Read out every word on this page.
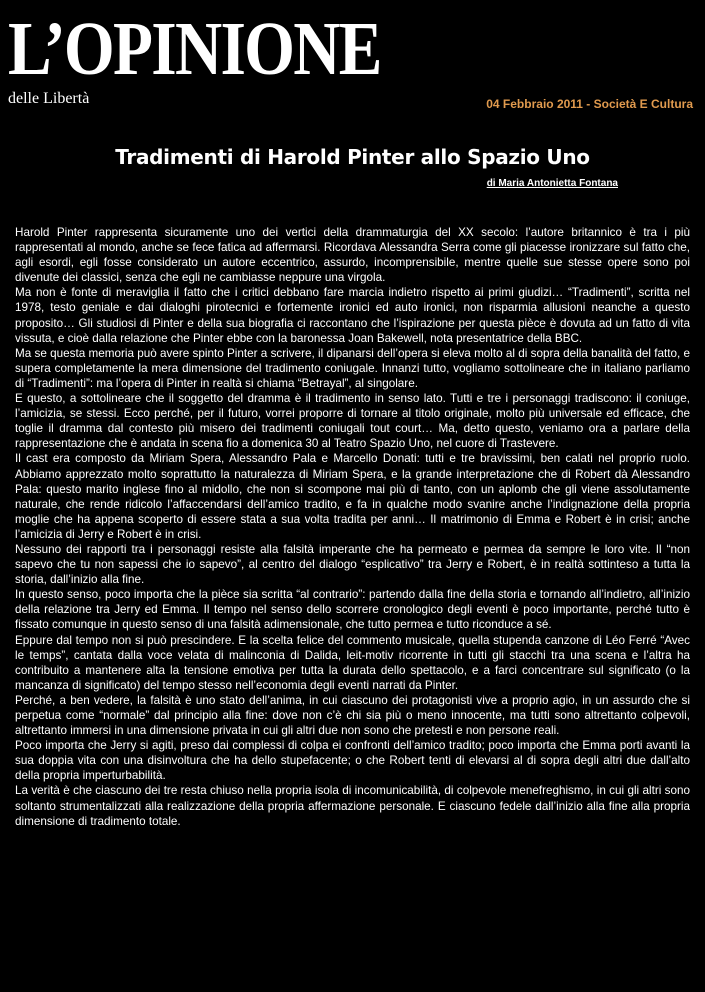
L’OPINIONE
delle Libertà	04 Febbraio 2011 - Società E Cultura
Tradimenti di Harold Pinter allo Spazio Uno
di Maria Antonietta Fontana

Harold Pinter rappresenta sicuramente uno dei vertici della drammaturgia del XX secolo: l’autore britannico è tra i più rappresentati al mondo, anche se fece fatica ad affermarsi. Ricordava Alessandra Serra come gli piacesse ironizzare sul fatto che, agli esordi, egli fosse considerato un autore eccentrico, assurdo, incomprensibile, mentre quelle sue stesse opere sono poi divenute dei classici, senza che egli ne cambiasse neppure una virgola.

Ma non è fonte di meraviglia il fatto che i critici debbano fare marcia indietro rispetto ai primi giudizi… “Tradimenti”, scritta nel 1978, testo geniale e dai dialoghi pirotecnici e fortemente ironici ed auto ironici, non risparmia allusioni neanche a questo proposito… Gli studiosi di Pinter e della sua biografia ci raccontano che l’ispirazione per questa pièce è dovuta ad un fatto di vita vissuta, e cioè dalla relazione che Pinter ebbe con la baronessa Joan Bakewell, nota presentatrice della BBC.

Ma se questa memoria può avere spinto Pinter a scrivere, il dipanarsi dell’opera si eleva molto al di sopra della banalità del fatto, e supera completamente la mera dimensione del tradimento coniugale. Innanzi tutto, vogliamo sottolineare che in italiano parliamo di “Tradimenti”: ma l’opera di Pinter in realtà si chiama “Betrayal”, al singolare.

E questo, a sottolineare che il soggetto del dramma è il tradimento in senso lato. Tutti e tre i personaggi tradiscono: il coniuge, l’amicizia, se stessi. Ecco perché, per il futuro, vorrei proporre di tornare al titolo originale, molto più universale ed efficace, che toglie il dramma dal contesto più misero dei tradimenti coniugali tout court… Ma, detto questo, veniamo ora a parlare della rappresentazione che è andata in scena fio a domenica 30 al Teatro Spazio Uno, nel cuore di Trastevere.

Il cast era composto da Miriam Spera, Alessandro Pala e Marcello Donati: tutti e tre bravissimi, ben calati nel proprio ruolo. Abbiamo apprezzato molto soprattutto la naturalezza di Miriam Spera, e la grande interpretazione che di Robert dà Alessandro Pala: questo marito inglese fino al midollo, che non si scompone mai più di tanto, con un aplomb che gli viene assolutamente naturale, che rende ridicolo l’affaccendarsi dell’amico tradito, e fa in qualche modo svanire anche l’indignazione della propria moglie che ha appena scoperto di essere stata a sua volta tradita per anni… Il matrimonio di Emma e Robert è in crisi; anche l’amicizia di Jerry e Robert è in crisi.

Nessuno dei rapporti tra i personaggi resiste alla falsità imperante che ha permeato e permea da sempre le loro vite. Il “non sapevo che tu non sapessi che io sapevo”, al centro del dialogo “esplicativo” tra Jerry e Robert, è in realtà sottinteso a tutta la storia, dall’inizio alla fine.

In questo senso, poco importa che la pièce sia scritta “al contrario”: partendo dalla fine della storia e tornando all’indietro, all’inizio della relazione tra Jerry ed Emma. Il tempo nel senso dello scorrere cronologico degli eventi è poco importante, perché tutto è fissato comunque in questo senso di una falsità adimensionale, che tutto permea e tutto riconduce a sé.

Eppure dal tempo non si può prescindere. E la scelta felice del commento musicale, quella stupenda canzone di Léo Ferré “Avec le temps”, cantata dalla voce velata di malinconia di Dalida, leit-motiv ricorrente in tutti gli stacchi tra una scena e l’altra ha contribuito a mantenere alta la tensione emotiva per tutta la durata dello spettacolo, e a farci concentrare sul significato (o la mancanza di significato) del tempo stesso nell’economia degli eventi narrati da Pinter.

Perché, a ben vedere, la falsità è uno stato dell’anima, in cui ciascuno dei protagonisti vive a proprio agio, in un assurdo che si perpetua come “normale” dal principio alla fine: dove non c’è chi sia più o meno innocente, ma tutti sono altrettanto colpevoli, altrettanto immersi in una dimensione privata in cui gli altri due non sono che pretesti e non persone reali.

Poco importa che Jerry si agiti, preso dai complessi di colpa ei confronti dell’amico tradito; poco importa che Emma porti avanti la sua doppia vita con una disinvoltura che ha dello stupefacente; o che Robert tenti di elevarsi al di sopra degli altri due dall’alto della propria imperturbabilità.

La verità è che ciascuno dei tre resta chiuso nella propria isola di incomunicabilità, di colpevole menefreghismo, in cui gli altri sono soltanto strumentalizzati alla realizzazione della propria affermazione personale. E ciascuno fedele dall’inizio alla fine alla propria dimensione di tradimento totale.
